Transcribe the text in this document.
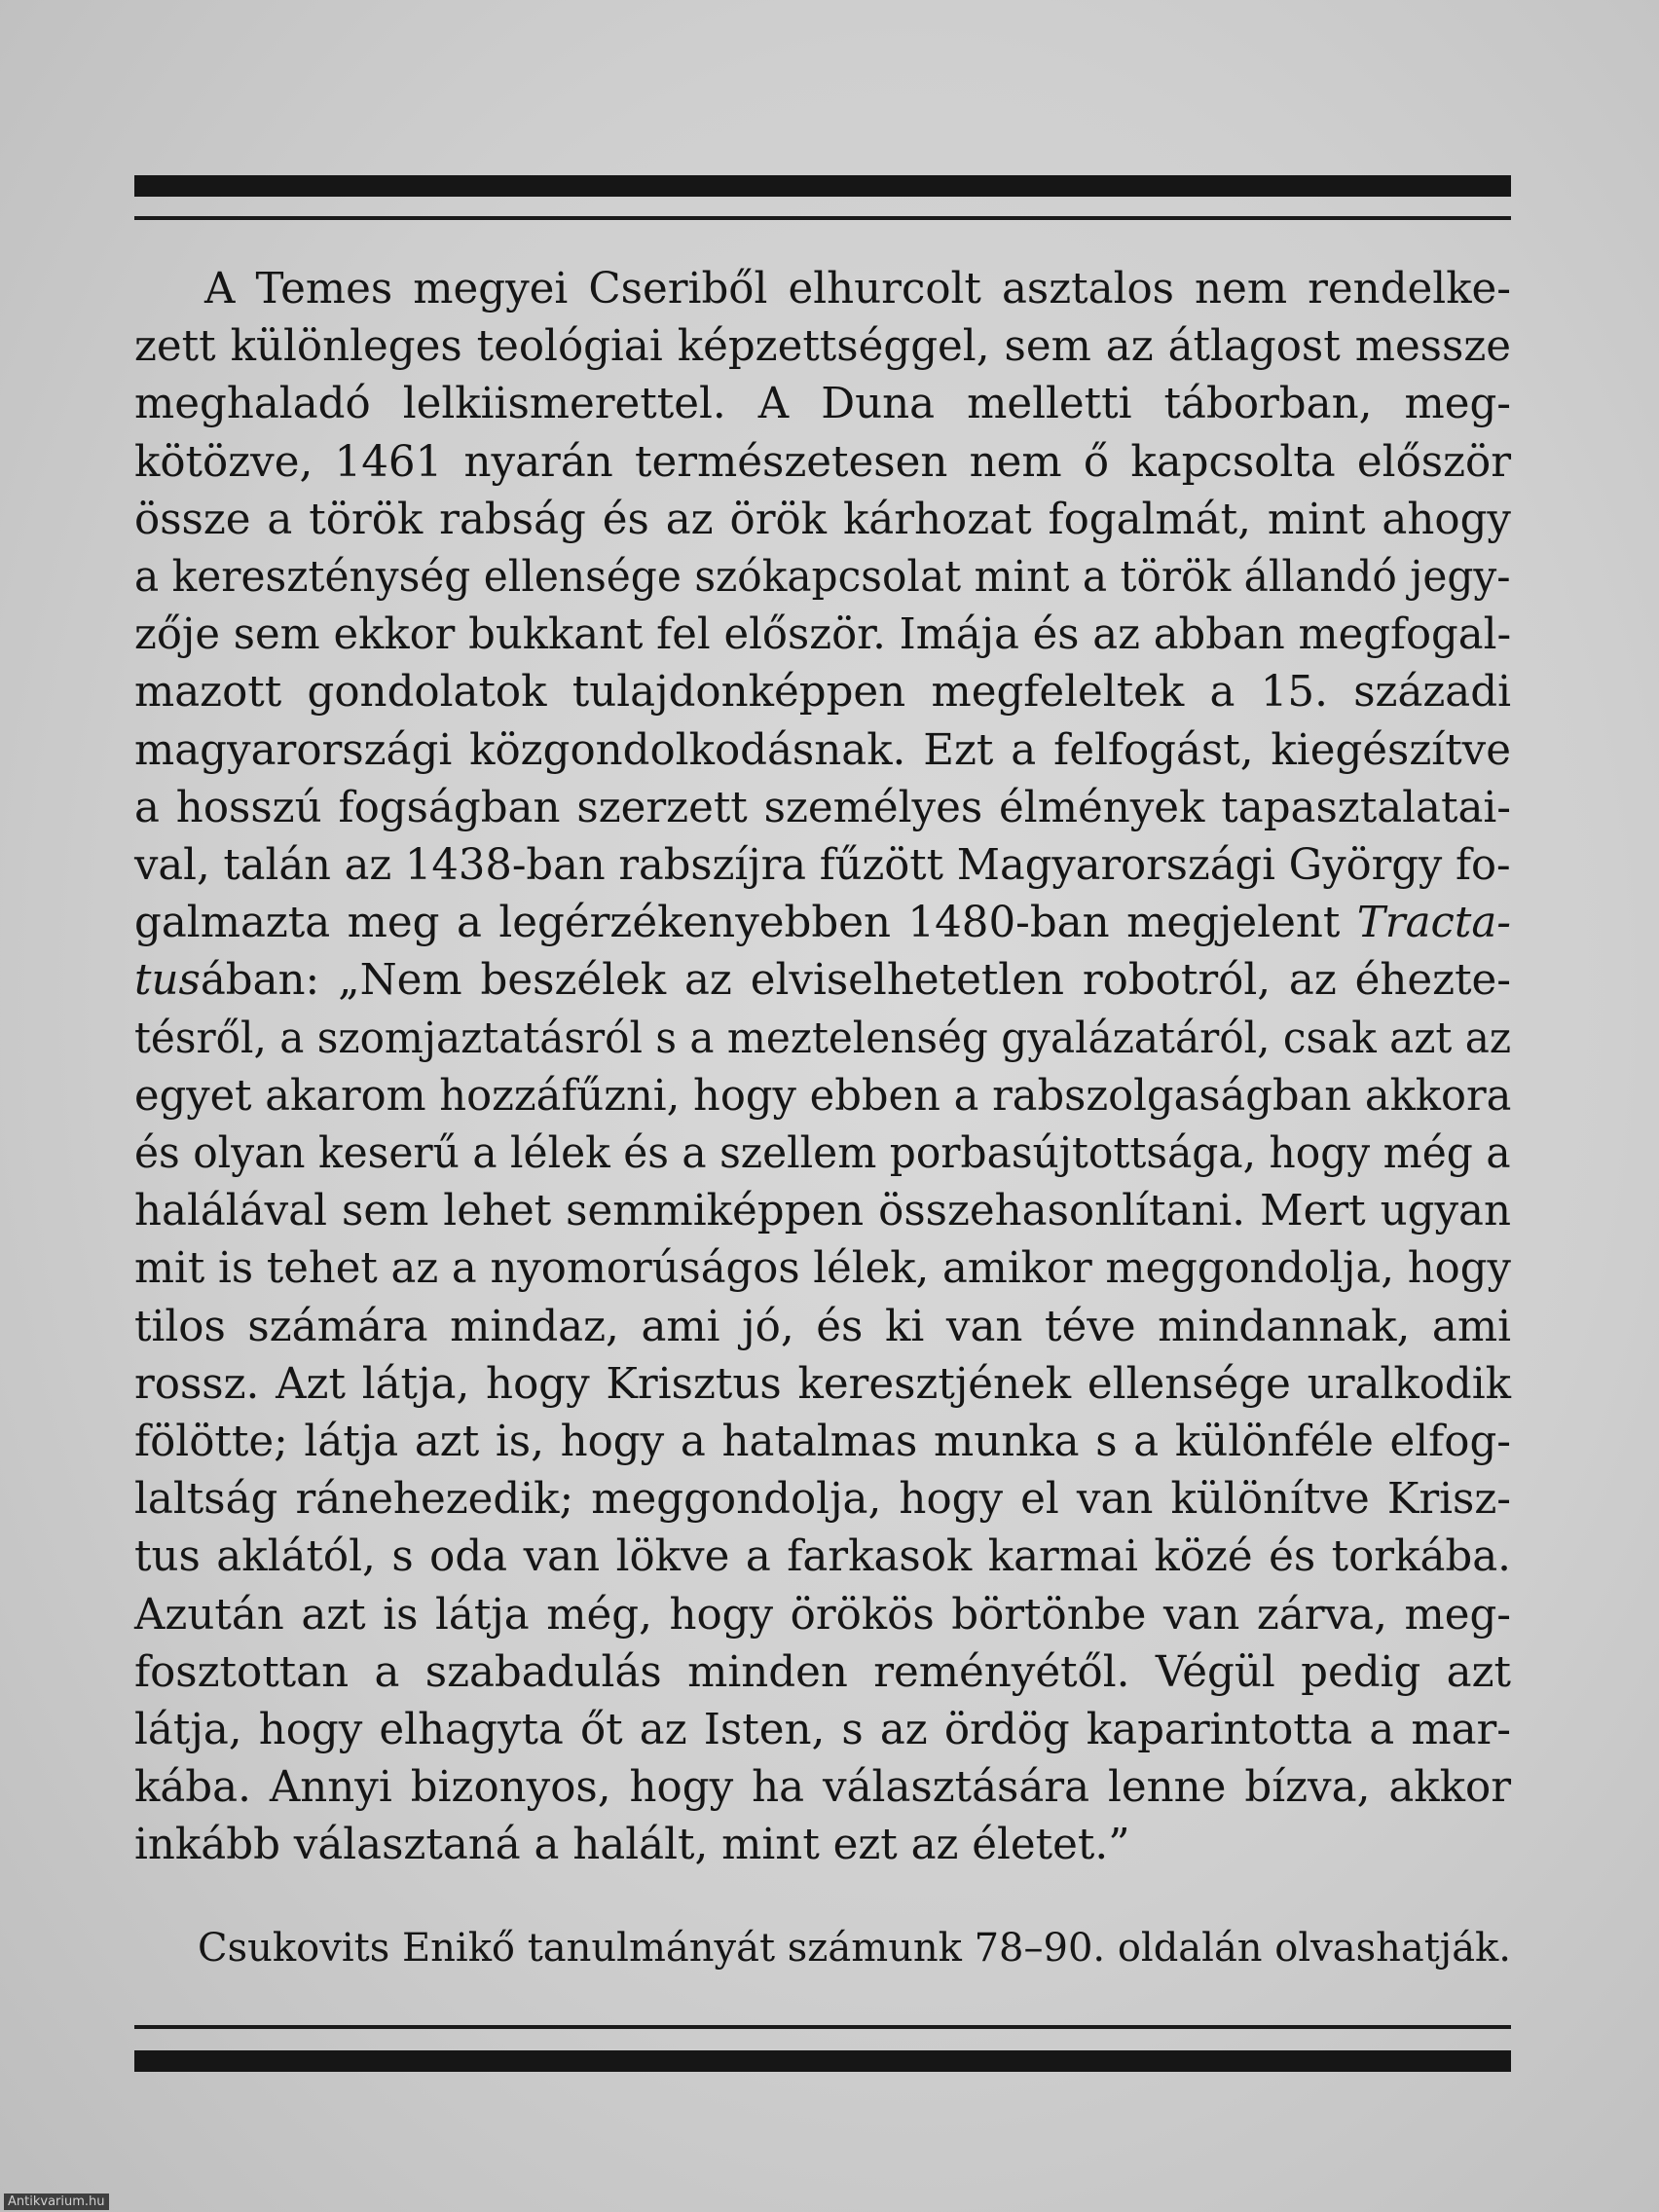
A Temes megyei Cseriből elhurcolt asztalos nem rendelke-
zett különleges teológiai képzettséggel, sem az átlagost messze
meghaladó lelkiismerettel. A Duna melletti táborban, meg-
kötözve, 1461 nyarán természetesen nem ő kapcsolta először
össze a török rabság és az örök kárhozat fogalmát, mint ahogy
a kereszténység ellensége szókapcsolat mint a török állandó jegy-
zője sem ekkor bukkant fel először. Imája és az abban megfogal-
mazott gondolatok tulajdonképpen megfeleltek a 15. századi
magyarországi közgondolkodásnak. Ezt a felfogást, kiegészítve
a hosszú fogságban szerzett személyes élmények tapasztalatai-
val, talán az 1438-ban rabszíjra fűzött Magyarországi György fo-
galmazta meg a legérzékenyebben 1480-ban megjelent Tracta-
tusában: „Nem beszélek az elviselhetetlen robotról, az éhezte-
tésről, a szomjaztatásról s a meztelenség gyalázatáról, csak azt az
egyet akarom hozzáfűzni, hogy ebben a rabszolgaságban akkora
és olyan keserű a lélek és a szellem porbasújtottsága, hogy még a
halálával sem lehet semmiképpen összehasonlítani. Mert ugyan
mit is tehet az a nyomorúságos lélek, amikor meggondolja, hogy
tilos számára mindaz, ami jó, és ki van téve mindannak, ami
rossz. Azt látja, hogy Krisztus keresztjének ellensége uralkodik
fölötte; látja azt is, hogy a hatalmas munka s a különféle elfog-
laltság ránehezedik; meggondolja, hogy el van különítve Krisz-
tus aklától, s oda van lökve a farkasok karmai közé és torkába.
Azután azt is látja még, hogy örökös börtönbe van zárva, meg-
fosztottan a szabadulás minden reményétől. Végül pedig azt
látja, hogy elhagyta őt az Isten, s az ördög kaparintotta a mar-
kába. Annyi bizonyos, hogy ha választására lenne bízva, akkor
inkább választaná a halált, mint ezt az életet.”

Csukovits Enikő tanulmányát számunk 78–90. oldalán olvashatják.

Antikvarium.hu
